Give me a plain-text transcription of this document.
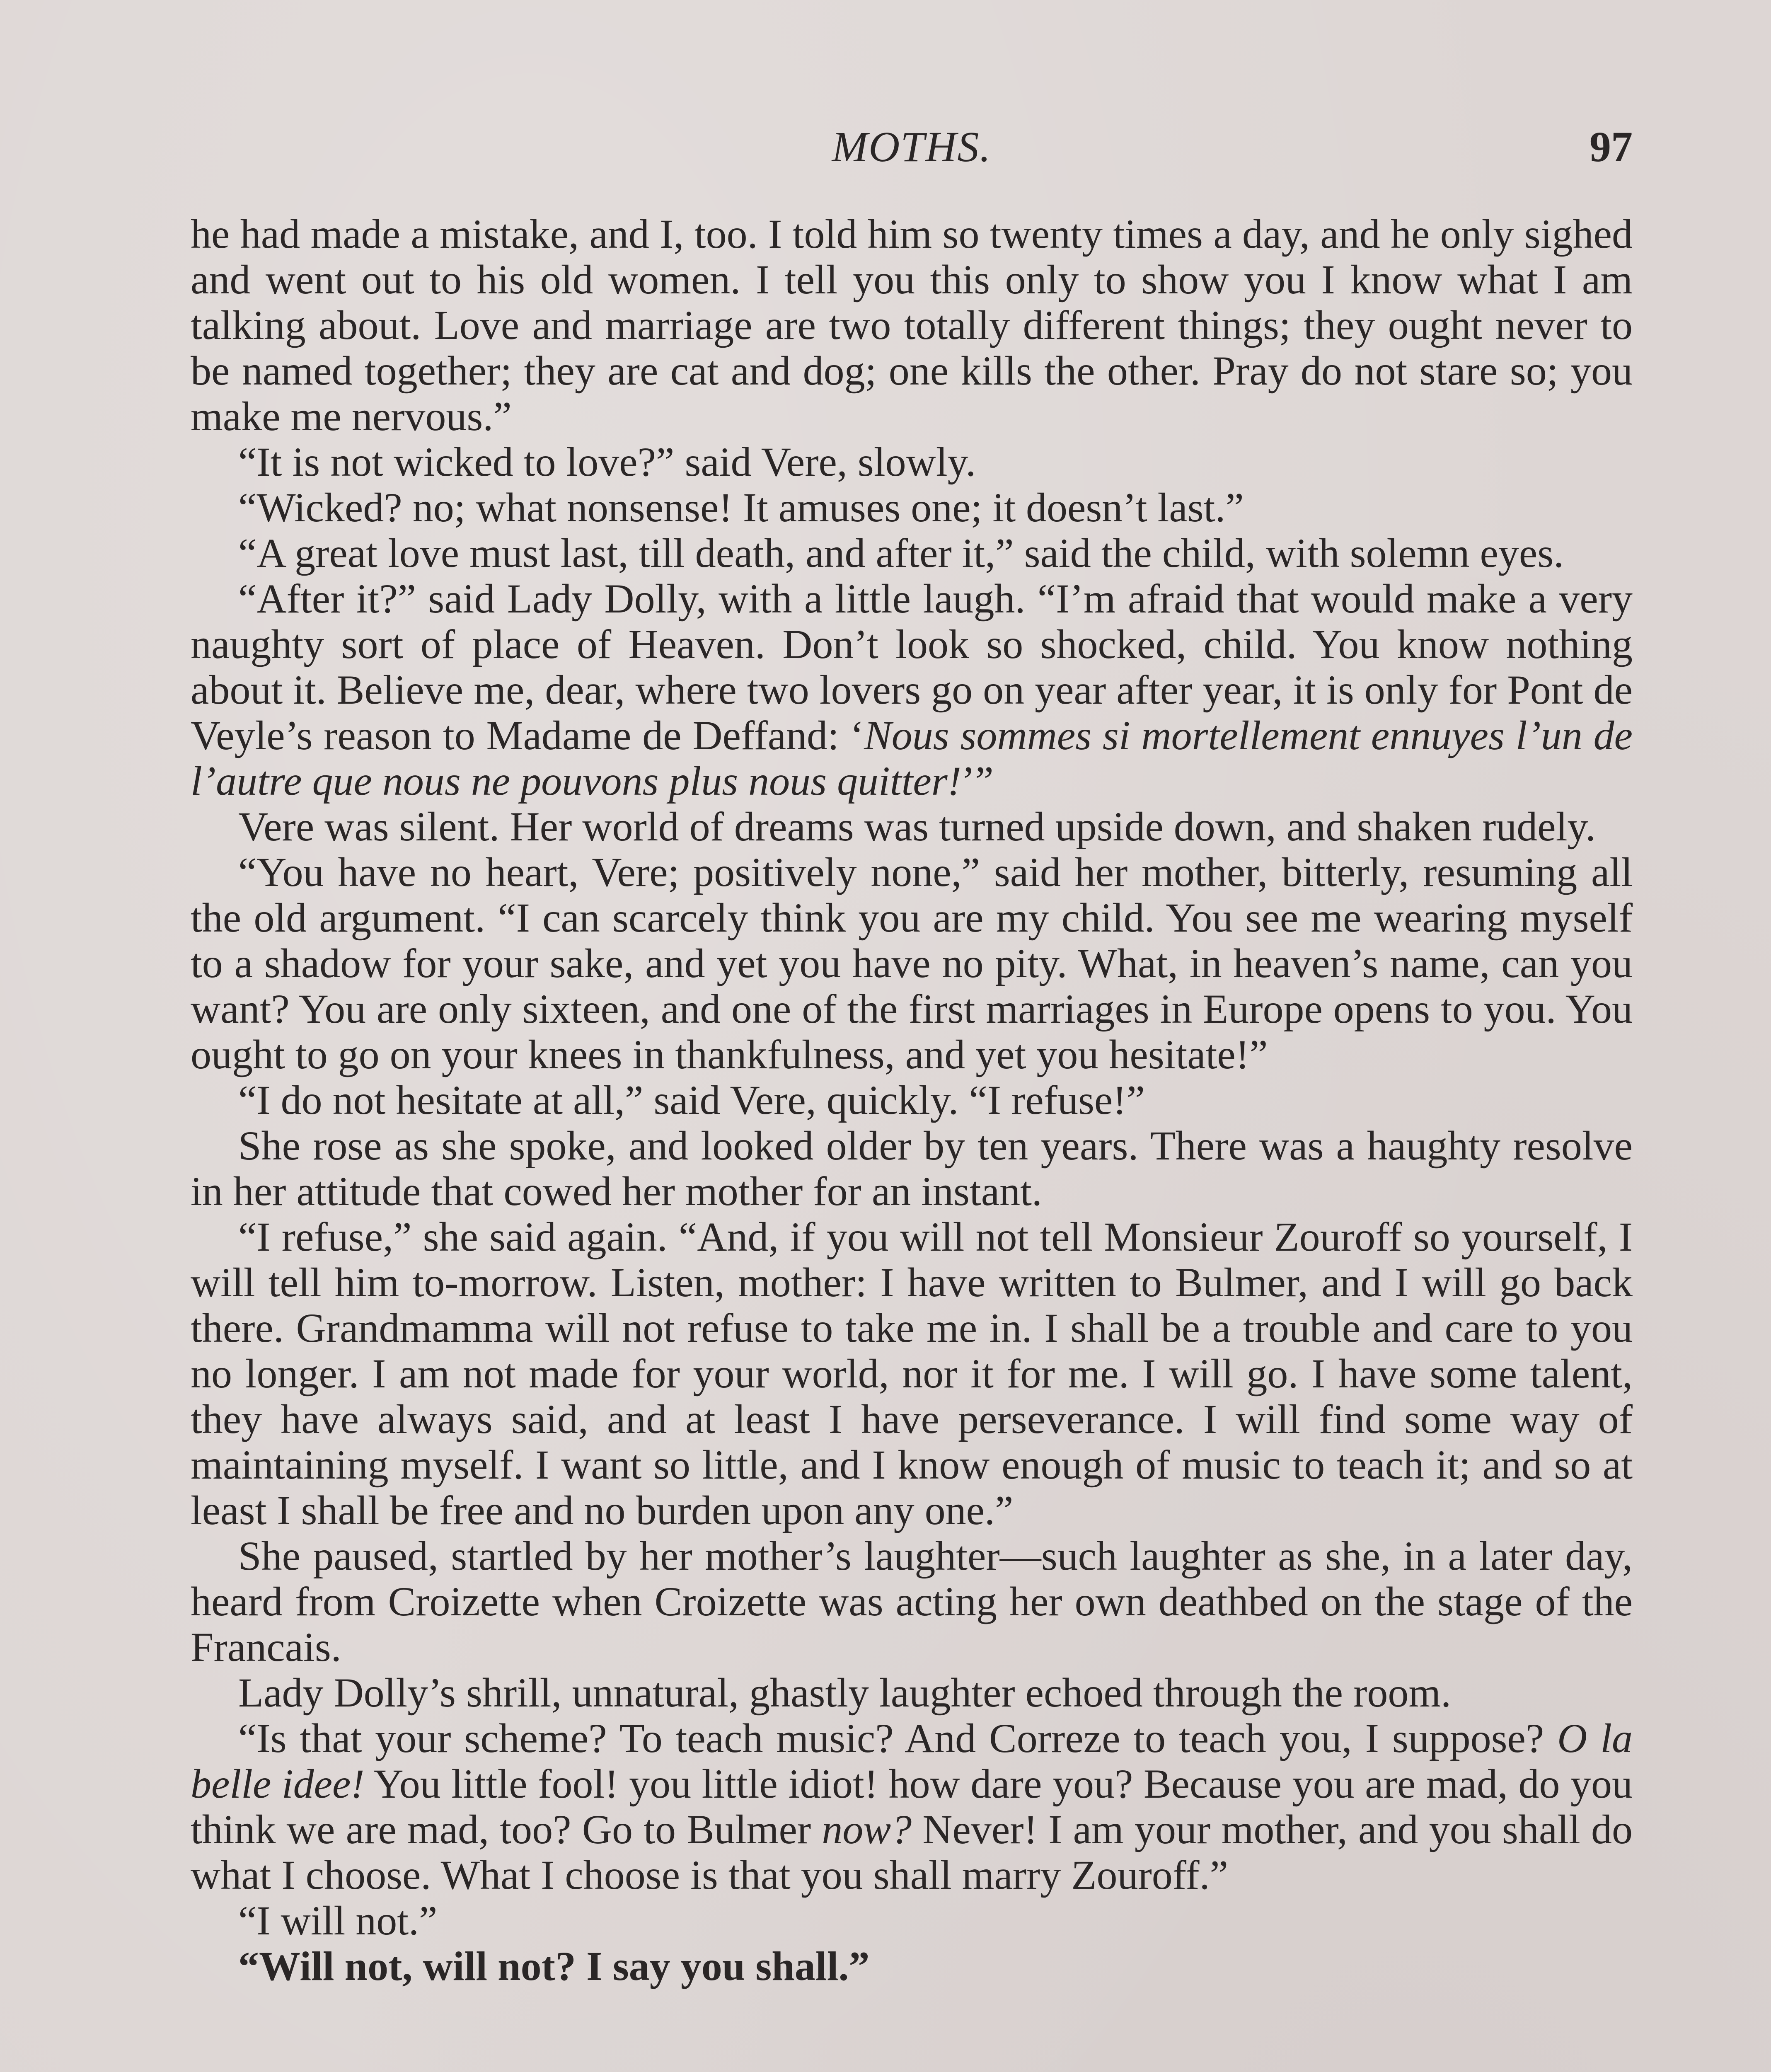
MOTHS.	97

he had made a mistake, and I, too. I told him so twenty times a day, and he only sighed and went out to his old women. I tell you this only to show you I know what I am talking about. Love and marriage are two totally different things; they ought never to be named together; they are cat and dog; one kills the other. Pray do not stare so; you make me nervous.”

“It is not wicked to love?” said Vere, slowly.

“Wicked? no; what nonsense! It amuses one; it doesn’t last.”

“A great love must last, till death, and after it,” said the child, with solemn eyes.

“After it?” said Lady Dolly, with a little laugh. “I’m afraid that would make a very naughty sort of place of Heaven. Don’t look so shocked, child. You know nothing about it. Believe me, dear, where two lovers go on year after year, it is only for Pont de Veyle’s reason to Madame de Deffand: ‘Nous sommes si mortellement ennuyes l’un de l’autre que nous ne pouvons plus nous quitter!’”

Vere was silent. Her world of dreams was turned upside down, and shaken rudely.

“You have no heart, Vere; positively none,” said her mother, bitterly, resuming all the old argument. “I can scarcely think you are my child. You see me wearing myself to a shadow for your sake, and yet you have no pity. What, in heaven’s name, can you want? You are only sixteen, and one of the first marriages in Europe opens to you. You ought to go on your knees in thankfulness, and yet you hesitate!”

“I do not hesitate at all,” said Vere, quickly. “I refuse!”

She rose as she spoke, and looked older by ten years. There was a haughty resolve in her attitude that cowed her mother for an instant.

“I refuse,” she said again. “And, if you will not tell Monsieur Zouroff so yourself, I will tell him to-morrow. Listen, mother: I have written to Bulmer, and I will go back there. Grandmamma will not refuse to take me in. I shall be a trouble and care to you no longer. I am not made for your world, nor it for me. I will go. I have some talent, they have always said, and at least I have perseverance. I will find some way of maintaining myself. I want so little, and I know enough of music to teach it; and so at least I shall be free and no burden upon any one.”

She paused, startled by her mother’s laughter—such laughter as she, in a later day, heard from Croizette when Croizette was acting her own deathbed on the stage of the Francais.

Lady Dolly’s shrill, unnatural, ghastly laughter echoed through the room.

“Is that your scheme? To teach music? And Correze to teach you, I suppose? O la belle idee! You little fool! you little idiot! how dare you? Because you are mad, do you think we are mad, too? Go to Bulmer now? Never! I am your mother, and you shall do what I choose. What I choose is that you shall marry Zouroff.”

“I will not.”

“Will not, will not? I say you shall.”
